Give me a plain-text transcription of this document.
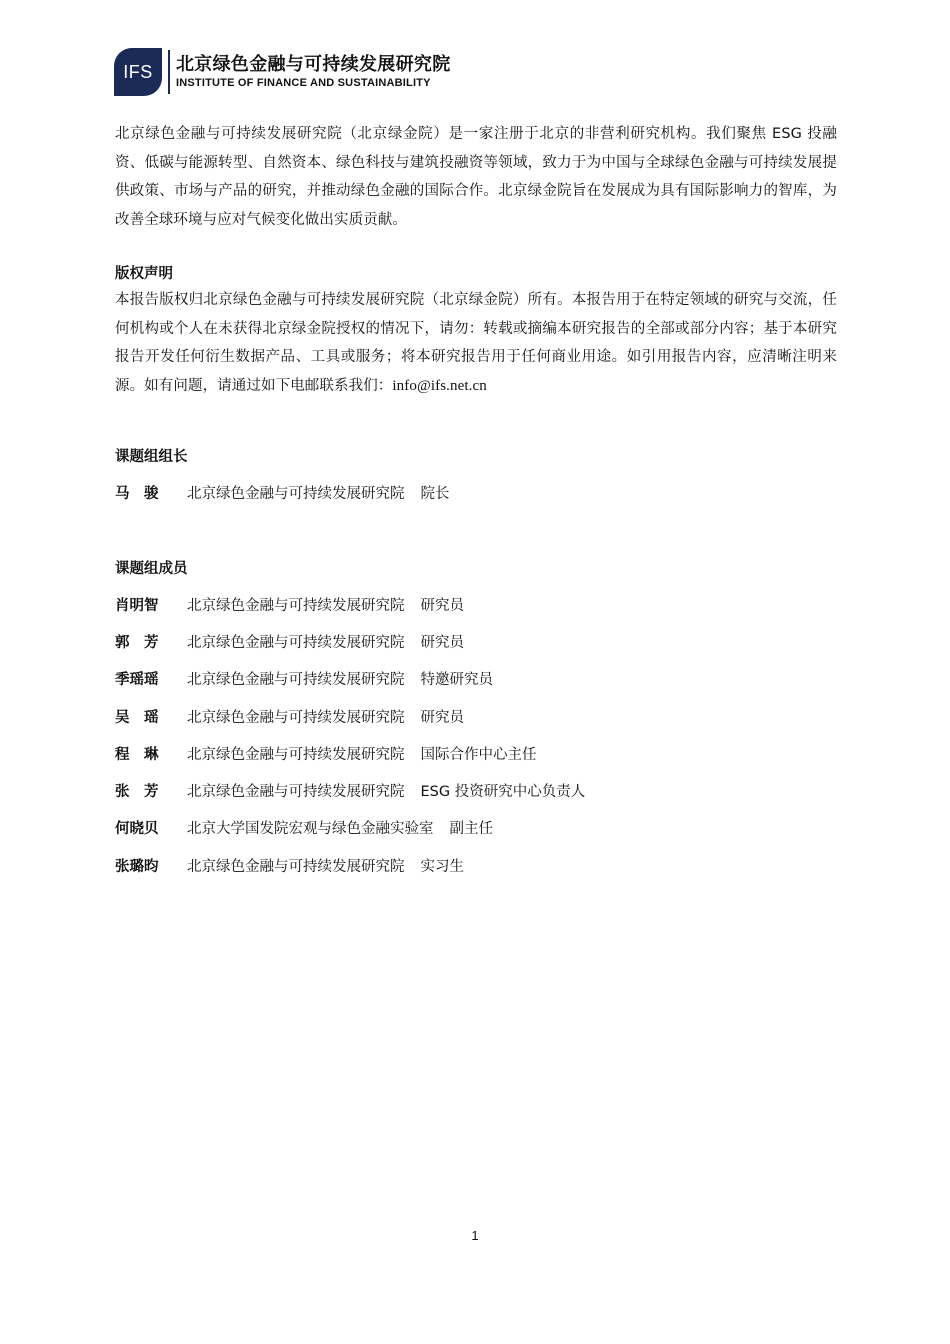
IFS	北京绿色金融与可持续发展研究院
INSTITUTE OF FINANCE AND SUSTAINABILITY
北京绿色金融与可持续发展研究院（北京绿金院）是一家注册于北京的非营利研究机构。我们聚焦 ESG 投融资、低碳与能源转型、自然资本、绿色科技与建筑投融资等领域，致力于为中国与全球绿色金融与可持续发展提供政策、市场与产品的研究，并推动绿色金融的国际合作。北京绿金院旨在发展成为具有国际影响力的智库，为改善全球环境与应对气候变化做出实质贡献。
版权声明
本报告版权归北京绿色金融与可持续发展研究院（北京绿金院）所有。本报告用于在特定领域的研究与交流，任何机构或个人在未获得北京绿金院授权的情况下，请勿：转载或摘编本研究报告的全部或部分内容；基于本研究报告开发任何衍生数据产品、工具或服务；将本研究报告用于任何商业用途。如引用报告内容，应清晰注明来源。如有问题，请通过如下电邮联系我们：info@ifs.net.cn
课题组组长
马　骏	北京绿色金融与可持续发展研究院 院长
课题组成员
肖明智	北京绿色金融与可持续发展研究院 研究员
郭　芳	北京绿色金融与可持续发展研究院 研究员
季瑶瑶	北京绿色金融与可持续发展研究院 特邀研究员
吴　瑶	北京绿色金融与可持续发展研究院 研究员
程　琳	北京绿色金融与可持续发展研究院 国际合作中心主任
张　芳	北京绿色金融与可持续发展研究院 ESG 投资研究中心负责人
何晓贝	北京大学国发院宏观与绿色金融实验室 副主任
张璐昀	北京绿色金融与可持续发展研究院 实习生
1
